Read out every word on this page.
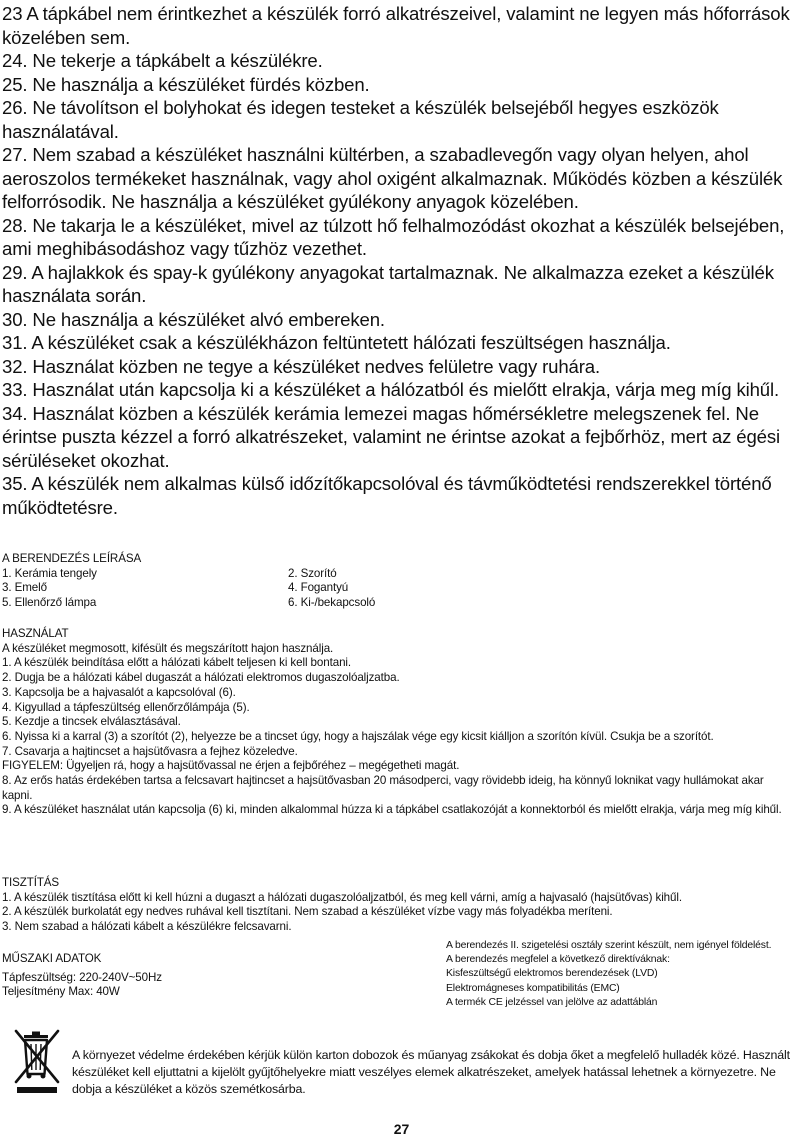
23 A tápkábel nem érintkezhet a készülék forró alkatrészeivel, valamint ne legyen más hőforrások közelében sem.

24. Ne tekerje a tápkábelt a készülékre.

25. Ne használja a készüléket fürdés közben.

26. Ne távolítson el bolyhokat és idegen testeket a készülék belsejéből hegyes eszközök használatával.

27. Nem szabad a készüléket használni kültérben, a szabadlevegőn vagy olyan helyen, ahol aeroszolos termékeket használnak, vagy ahol oxigént alkalmaznak. Működés közben a készülék felforrósodik. Ne használja a készüléket gyúlékony anyagok közelében.

28. Ne takarja le a készüléket, mivel az túlzott hő felhalmozódást okozhat a készülék belsejében, ami meghibásodáshoz vagy tűzhöz vezethet.

29. A hajlakkok és spay-k gyúlékony anyagokat tartalmaznak. Ne alkalmazza ezeket a készülék használata során.

30. Ne használja a készüléket alvó embereken.

31. A készüléket csak a készülékházon feltüntetett hálózati feszültségen használja.

32. Használat közben ne tegye a készüléket nedves felületre vagy ruhára.

33. Használat után kapcsolja ki a készüléket a hálózatból és mielőtt elrakja, várja meg míg kihűl.

34. Használat közben a készülék kerámia lemezei magas hőmérsékletre melegszenek fel. Ne érintse puszta kézzel a forró alkatrészeket, valamint ne érintse azokat a fejbőrhöz, mert az égési sérüléseket okozhat.

35. A készülék nem alkalmas külső időzítőkapcsolóval és távműködtetési rendszerekkel történő működtetésre.

A BERENDEZÉS LEÍRÁSA

1. Kerámia tengely	2. Szorító
3. Emelő	4. Fogantyú
5. Ellenőrző lámpa	6. Ki-/bekapcsoló

HASZNÁLAT

A készüléket megmosott, kifésült és megszárított hajon használja.

1. A készülék beindítása előtt a hálózati kábelt teljesen ki kell bontani.

2. Dugja be a hálózati kábel dugaszát a hálózati elektromos dugaszolóaljzatba.

3. Kapcsolja be a hajvasalót a kapcsolóval (6).

4. Kigyullad a tápfeszültség ellenőrzőlámpája (5).

5. Kezdje a tincsek elválasztásával.

6. Nyissa ki a karral (3) a szorítót (2), helyezze be a tincset úgy, hogy a hajszálak vége egy kicsit kiálljon a szorítón kívül. Csukja be a szorítót.

7. Csavarja a hajtincset a hajsütővasra a fejhez közeledve.

FIGYELEM: Ügyeljen rá, hogy a hajsütővassal ne érjen a fejbőréhez – megégetheti magát.

8. Az erős hatás érdekében tartsa a felcsavart hajtincset a hajsütővasban 20 másodperci, vagy rövidebb ideig, ha könnyű loknikat vagy hullámokat akar kapni.

9. A készüléket használat után kapcsolja (6) ki, minden alkalommal húzza ki a tápkábel csatlakozóját a konnektorból és mielőtt elrakja, várja meg míg kihűl.

TISZTÍTÁS

1. A készülék tisztítása előtt ki kell húzni a dugaszt a hálózati dugaszolóaljzatból, és meg kell várni, amíg a hajvasaló (hajsütővas) kihűl.

2. A készülék burkolatát egy nedves ruhával kell tisztítani. Nem szabad a készüléket vízbe vagy más folyadékba meríteni.

3. Nem szabad a hálózati kábelt a készülékre felcsavarni.

MŰSZAKI ADATOK

Tápfeszültség: 220-240V~50Hz

Teljesítmény Max: 40W

A berendezés II. szigetelési osztály szerint készült, nem igényel földelést.

A berendezés megfelel a következő direktíváknak:

Kisfeszültségű elektromos berendezések (LVD)

Elektromágneses kompatibilitás (EMC)

A termék CE jelzéssel van jelölve az adattáblán

A környezet védelme érdekében kérjük külön karton dobozok és műanyag zsákokat és dobja őket a megfelelő hulladék közé. Használt készüléket kell eljuttatni a kijelölt gyűjtőhelyekre miatt veszélyes elemek alkatrészeket, amelyek hatással lehetnek a környezetre. Ne dobja a készüléket a közös szemétkosárba.

27
